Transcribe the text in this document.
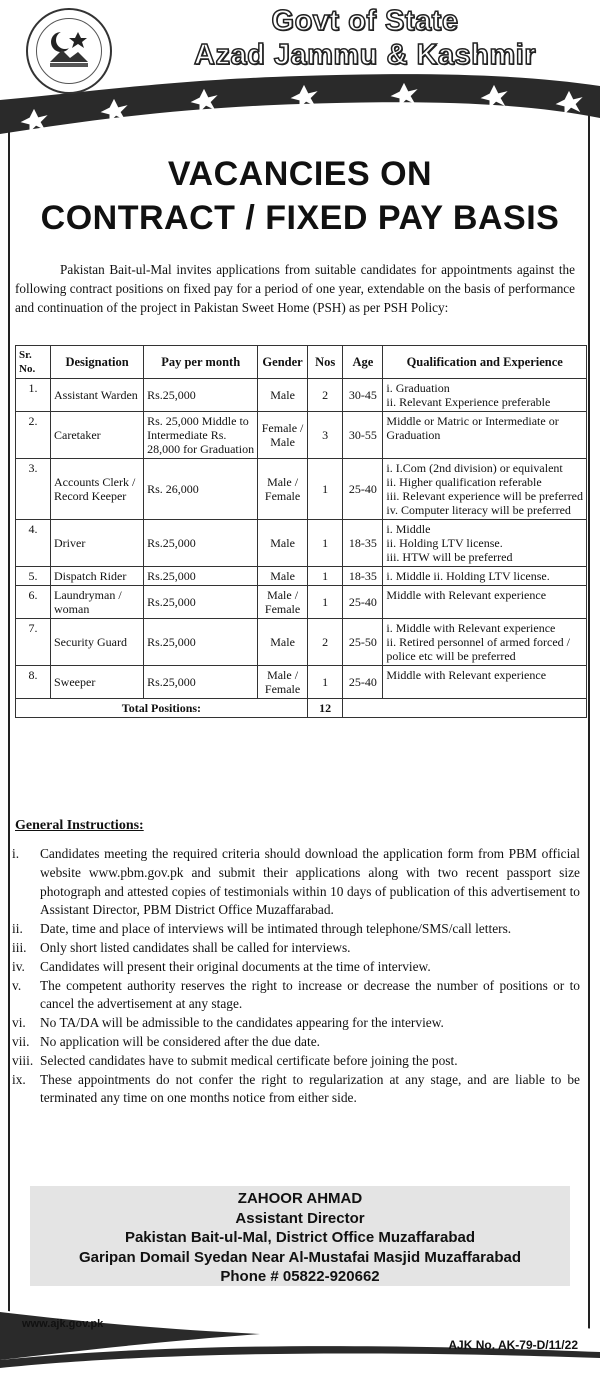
Govt of State
Azad Jammu & Kashmir
VACANCIES ON
CONTRACT / FIXED PAY BASIS
Pakistan Bait-ul-Mal invites applications from suitable candidates for appointments against the following contract positions on fixed pay for a period of one year, extendable on the basis of performance and continuation of the project in Pakistan Sweet Home (PSH) as per PSH Policy:
Sr. No.	Designation	Pay per month	Gender	Nos	Age	Qualification and Experience
1.	Assistant Warden	Rs.25,000	Male	2	30-45	i. Graduation
ii. Relevant Experience preferable

2.	Caretaker	Rs. 25,000 Middle to Intermediate Rs. 28,000 for Graduation	Female / Male	3	30-55	Middle or Matric or Intermediate or
Graduation

3.	Accounts Clerk / Record Keeper	Rs. 26,000	Male / Female	1	25-40	i. I.Com (2nd division) or equivalent
ii. Higher qualification referable
iii. Relevant experience will be preferred
iv. Computer literacy will be preferred

4.	Driver	Rs.25,000	Male	1	18-35	i. Middle
ii. Holding LTV license.
iii. HTW will be preferred

5.	Dispatch Rider	Rs.25,000	Male	1	18-35	i. Middle ii. Holding LTV license.

6.	Laundryman / woman	Rs.25,000	Male / Female	1	25-40	Middle with Relevant experience

7.	Security Guard	Rs.25,000	Male	2	25-50	i. Middle with Relevant experience
ii. Retired personnel of armed forced /
police etc will be preferred

8.	Sweeper	Rs.25,000	Male / Female	1	25-40	Middle with Relevant experience

Total Positions:				12		
General Instructions:
i.	Candidates meeting the required criteria should download the application form from PBM official website www.pbm.gov.pk and submit their applications along with two recent passport size photograph and attested copies of testimonials within 10 days of publication of this advertisement to Assistant Director, PBM District Office Muzaffarabad.
ii.	Date, time and place of interviews will be intimated through telephone/SMS/call letters.
iii.	Only short listed candidates shall be called for interviews.
iv.	Candidates will present their original documents at the time of interview.
v.	The competent authority reserves the right to increase or decrease the number of positions or to cancel the advertisement at any stage.
vi.	No TA/DA will be admissible to the candidates appearing for the interview.
vii. No application will be considered after the due date.
viii. Selected candidates have to submit medical certificate before joining the post.
ix.	These appointments do not confer the right to regularization at any stage, and are liable to be terminated any time on one months notice from either side.
ZAHOOR AHMAD
Assistant Director
Pakistan Bait-ul-Mal, District Office Muzaffarabad
Garipan Domail Syedan Near Al-Mustafai Masjid Muzaffarabad
Phone # 05822-920662
www.ajk.gov.pk
AJK No. AK-79-D/11/22
